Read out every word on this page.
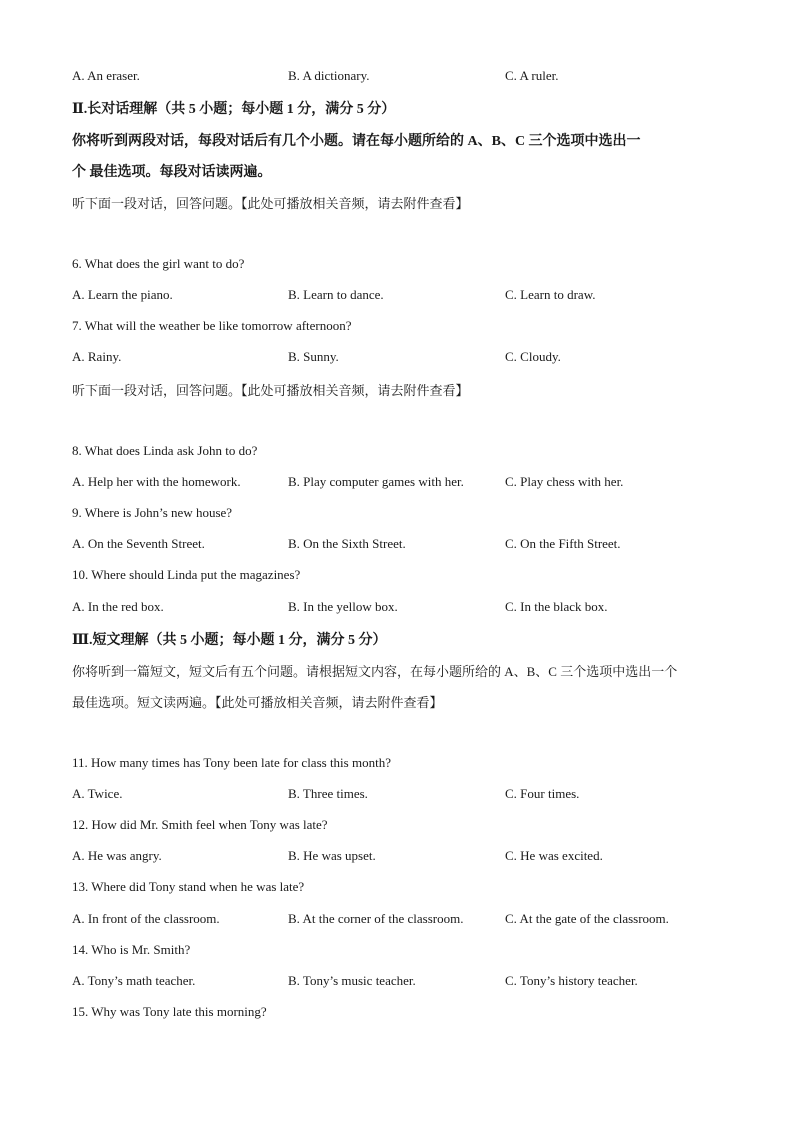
A. An eraser.	B. A dictionary.	C. A ruler.
Ⅱ.长对话理解（共 5 小题；每小题 1 分，满分 5 分）
你将听到两段对话，每段对话后有几个小题。请在每小题所给的 A、B、C 三个选项中选出一
个 最佳选项。每段对话读两遍。
听下面一段对话，回答问题。【此处可播放相关音频，请去附件查看】
6. What does the girl want to do?
A. Learn the piano.	B. Learn to dance.	C. Learn to draw.
7. What will the weather be like tomorrow afternoon?
A. Rainy.	B. Sunny.	C. Cloudy.
听下面一段对话，回答问题。【此处可播放相关音频，请去附件查看】
8. What does Linda ask John to do?
A. Help her with the homework.	B. Play computer games with her.	C. Play chess with her.
9. Where is John’s new house?
A. On the Seventh Street.	B. On the Sixth Street.	C. On the Fifth Street.
10. Where should Linda put the magazines?
A. In the red box.	B. In the yellow box.	C. In the black box.
Ⅲ.短文理解（共 5 小题；每小题 1 分，满分 5 分）
你将听到一篇短文，短文后有五个问题。请根据短文内容，在每小题所给的 A、B、C 三个选项中选出一个
最佳选项。短文读两遍。【此处可播放相关音频，请去附件查看】
11. How many times has Tony been late for class this month?
A. Twice.	B. Three times.	C. Four times.
12. How did Mr. Smith feel when Tony was late?
A. He was angry.	B. He was upset.	C. He was excited.
13. Where did Tony stand when he was late?
A. In front of the classroom.	B. At the corner of the classroom.	C. At the gate of the classroom.
14. Who is Mr. Smith?
A. Tony’s math teacher.	B. Tony’s music teacher.	C. Tony’s history teacher.
15. Why was Tony late this morning?
